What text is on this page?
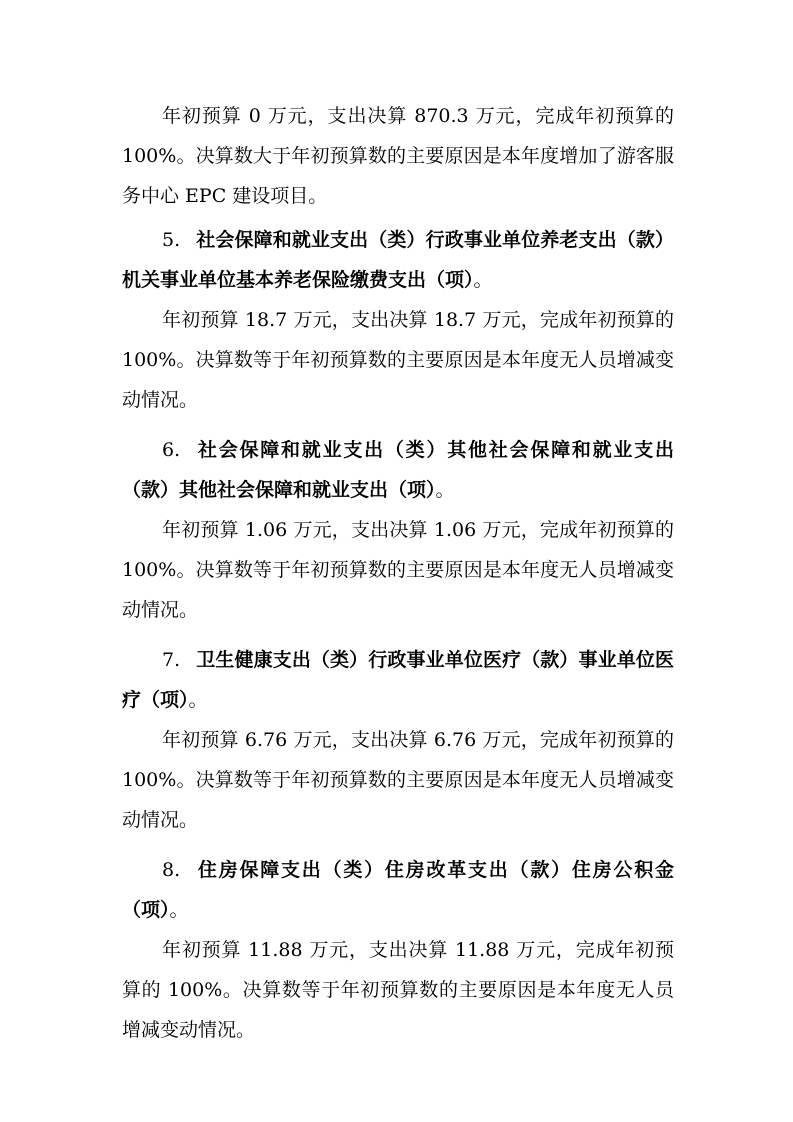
年初预算 0 万元，支出决算 870.3 万元，完成年初预算的 100%。决算数大于年初预算数的主要原因是本年度增加了游客服务中心 EPC 建设项目。

5. 社会保障和就业支出（类）行政事业单位养老支出（款）机关事业单位基本养老保险缴费支出（项）。

年初预算 18.7 万元，支出决算 18.7 万元，完成年初预算的 100%。决算数等于年初预算数的主要原因是本年度无人员增减变动情况。

6. 社会保障和就业支出（类）其他社会保障和就业支出（款）其他社会保障和就业支出（项）。

年初预算 1.06 万元，支出决算 1.06 万元，完成年初预算的 100%。决算数等于年初预算数的主要原因是本年度无人员增减变动情况。

7. 卫生健康支出（类）行政事业单位医疗（款）事业单位医疗（项）。

年初预算 6.76 万元，支出决算 6.76 万元，完成年初预算的 100%。决算数等于年初预算数的主要原因是本年度无人员增减变动情况。

8. 住房保障支出（类）住房改革支出（款）住房公积金（项）。

年初预算 11.88 万元，支出决算 11.88 万元，完成年初预算的 100%。决算数等于年初预算数的主要原因是本年度无人员增减变动情况。
